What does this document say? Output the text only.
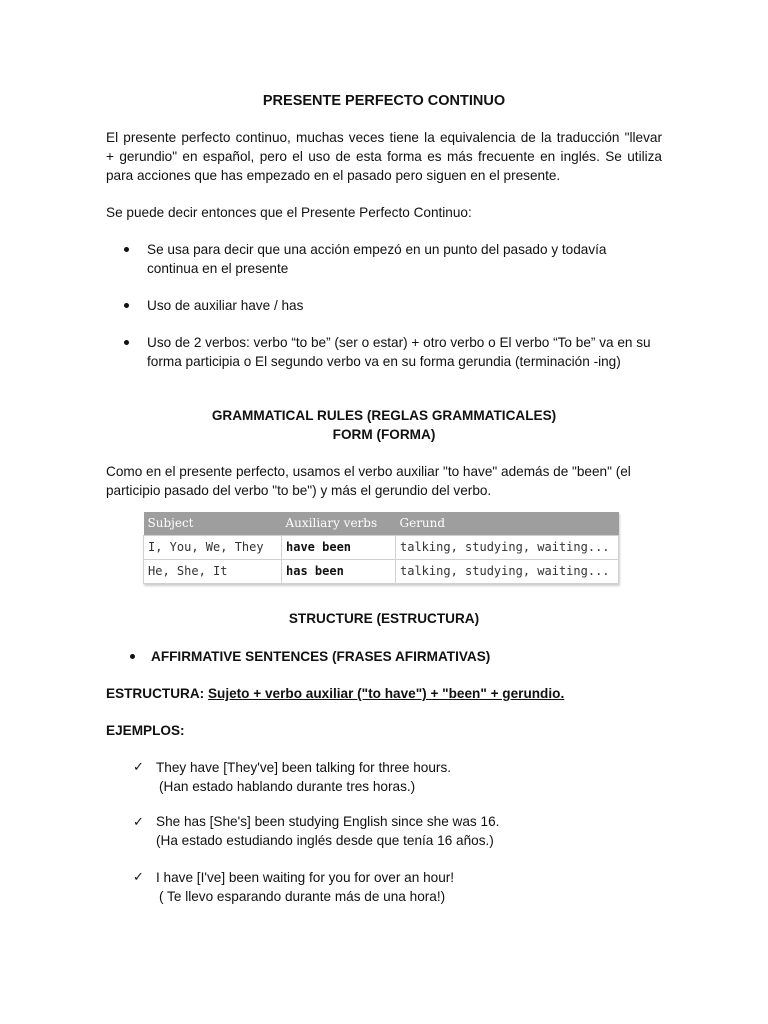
PRESENTE PERFECTO CONTINUO
El presente perfecto continuo, muchas veces tiene la equivalencia de la traducción "llevar
+ gerundio" en español, pero el uso de esta forma es más frecuente en inglés. Se utiliza
para acciones que has empezado en el pasado pero siguen en el presente.
Se puede decir entonces que el Presente Perfecto Continuo:
Se usa para decir que una acción empezó en un punto del pasado y todavía
continua en el presente
Uso de auxiliar have / has
Uso de 2 verbos: verbo “to be” (ser o estar) + otro verbo o El verbo “To be” va en su
forma participia o El segundo verbo va en su forma gerundia (terminación -ing)
GRAMMATICAL RULES (REGLAS GRAMMATICALES)
FORM (FORMA)
Como en el presente perfecto, usamos el verbo auxiliar "to have" además de "been" (el
participio pasado del verbo "to be") y más el gerundio del verbo.
Subject	Auxiliary verbs	Gerund
I, You, We, They	have been	talking, studying, waiting...
He, She, It	has been	talking, studying, waiting...
STRUCTURE (ESTRUCTURA)
AFFIRMATIVE SENTENCES (FRASES AFIRMATIVAS)
ESTRUCTURA: Sujeto + verbo auxiliar ("to have") + "been" + gerundio.
EJEMPLOS:
✓ They have [They've] been talking for three hours.
(Han estado hablando durante tres horas.)
✓ She has [She's] been studying English since she was 16.
(Ha estado estudiando inglés desde que tenía 16 años.)
✓ I have [I've] been waiting for you for over an hour!
( Te llevo esparando durante más de una hora!)
